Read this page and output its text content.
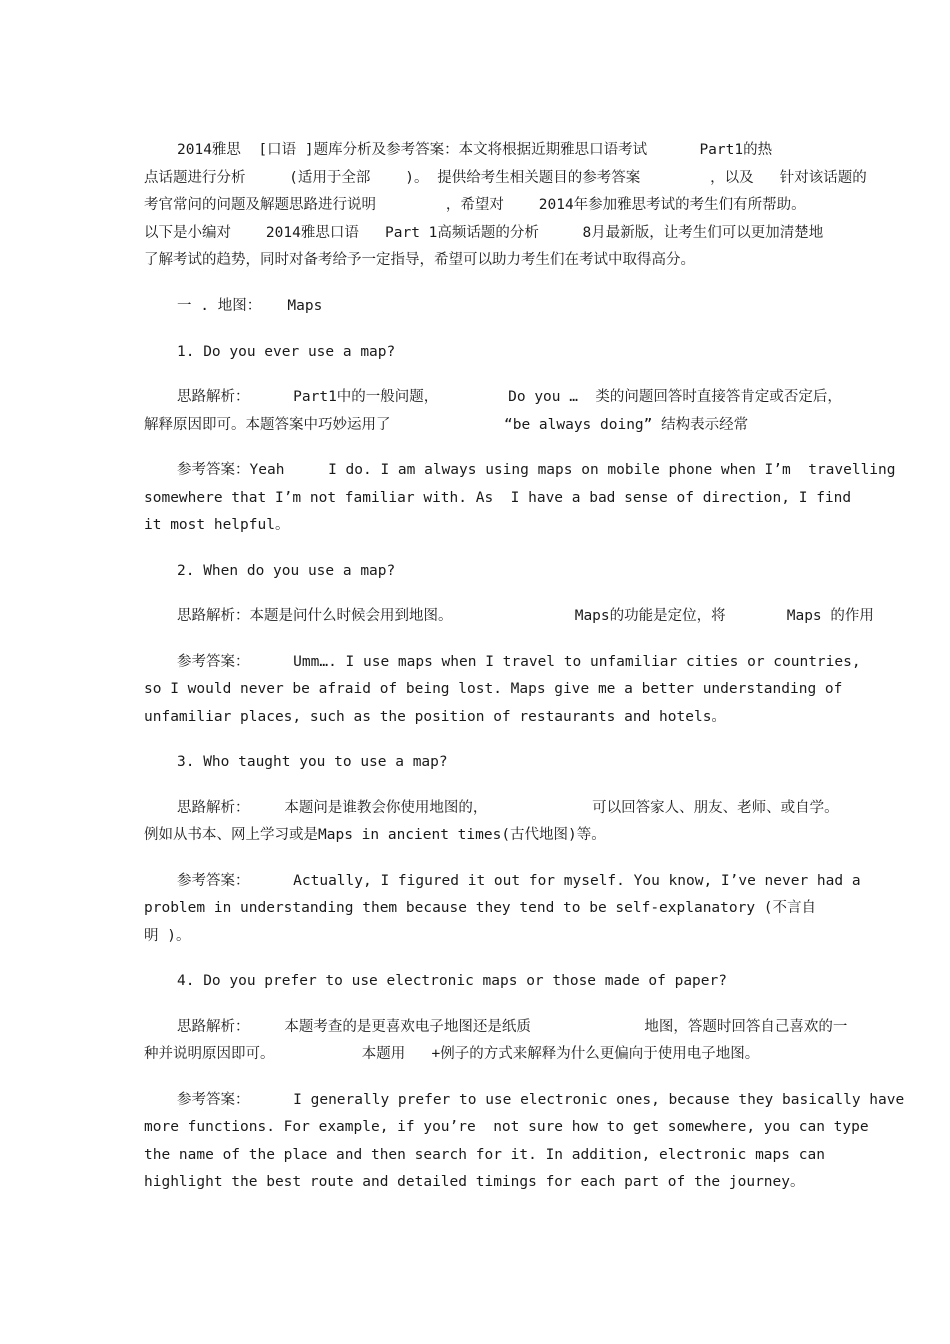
2014雅思  [口语 ]题库分析及参考答案：本文将根据近期雅思口语考试      Part1的热
点话题进行分析     (适用于全部    )。 提供给考生相关题目的参考答案        ，以及   针对该话题的
考官常问的问题及解题思路进行说明        ，希望对    2014年参加雅思考试的考生们有所帮助。
以下是小编对    2014雅思口语   Part 1高频话题的分析     8月最新版，让考生们可以更加清楚地
了解考试的趋势，同时对备考给予一定指导，希望可以助力考生们在考试中取得高分。
一 . 地图：   Maps
1. Do you ever use a map?
思路解析：     Part1中的一般问题，        Do you …  类的问题回答时直接答肯定或否定后，
解释原因即可。本题答案中巧妙运用了             “be always doing” 结构表示经常
参考答案：Yeah     I do. I am always using maps on mobile phone when I’m  travelling
somewhere that I’m not familiar with. As  I have a bad sense of direction, I find
it most helpful。
2. When do you use a map?
思路解析：本题是问什么时候会用到地图。              Maps的功能是定位，将       Maps 的作用
参考答案：     Umm…. I use maps when I travel to unfamiliar cities or countries,
so I would never be afraid of being lost. Maps give me a better understanding of
unfamiliar places, such as the position of restaurants and hotels。
3. Who taught you to use a map?
思路解析：    本题问是谁教会你使用地图的，            可以回答家人、朋友、老师、或自学。
例如从书本、网上学习或是Maps in ancient times(古代地图)等。
参考答案：     Actually, I figured it out for myself. You know, I’ve never had a
problem in understanding them because they tend to be self-explanatory (不言自
明 )。
4. Do you prefer to use electronic maps or those made of paper?
思路解析：    本题考查的是更喜欢电子地图还是纸质             地图，答题时回答自己喜欢的一
种并说明原因即可。          本题用   +例子的方式来解释为什么更偏向于使用电子地图。
参考答案：     I generally prefer to use electronic ones, because they basically have
more functions. For example, if you’re  not sure how to get somewhere, you can type
the name of the place and then search for it. In addition, electronic maps can
highlight the best route and detailed timings for each part of the journey。
